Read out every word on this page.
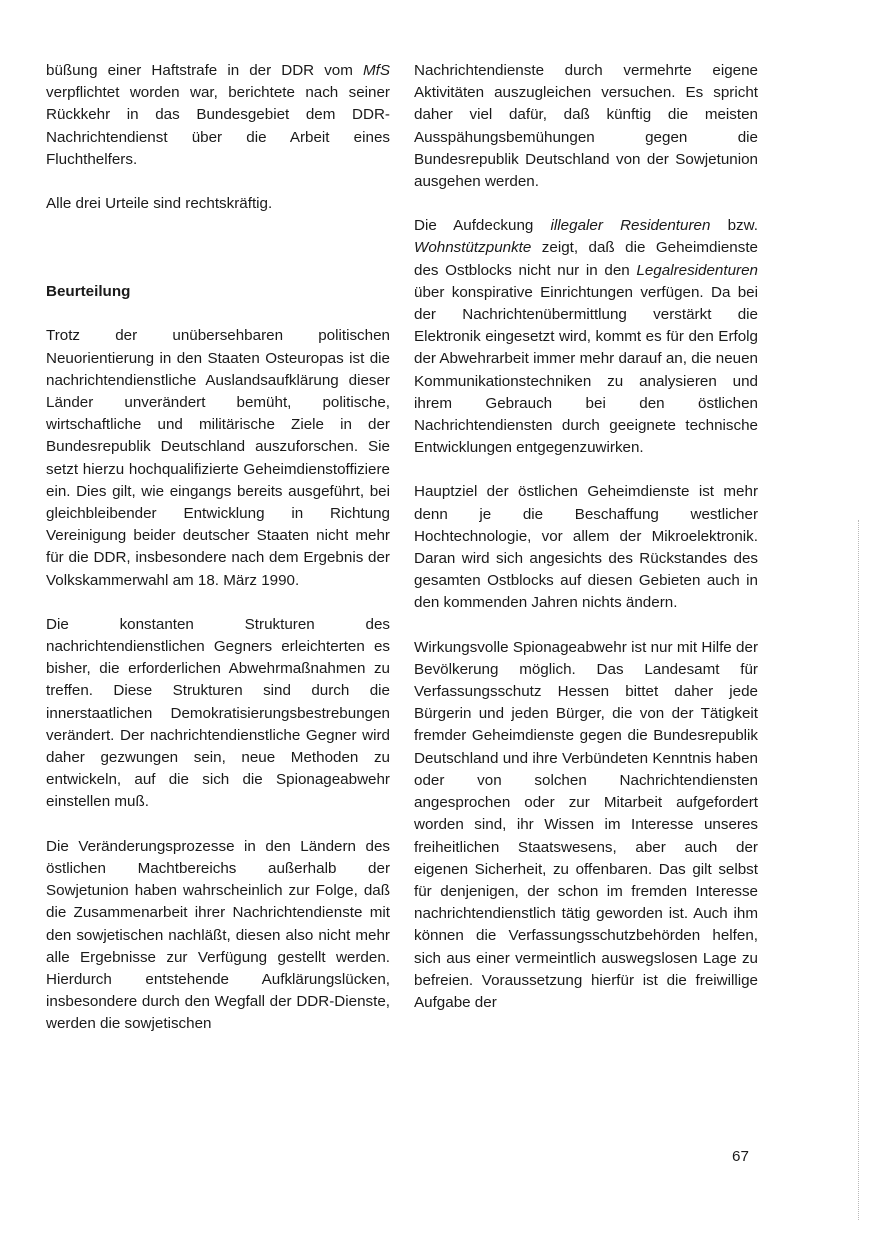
büßung einer Haftstrafe in der DDR vom MfS verpflichtet worden war, berichtete nach seiner Rückkehr in das Bundesgebiet dem DDR-Nachrichtendienst über die Arbeit eines Fluchthelfers.

Alle drei Urteile sind rechtskräftig.

Beurteilung

Trotz der unübersehbaren politischen Neuorientierung in den Staaten Osteuropas ist die nachrichtendienstliche Auslandsaufklärung dieser Länder unverändert bemüht, politische, wirtschaftliche und militärische Ziele in der Bundesrepublik Deutschland auszuforschen. Sie setzt hierzu hochqualifizierte Geheimdienstoffiziere ein. Dies gilt, wie eingangs bereits ausgeführt, bei gleichbleibender Entwicklung in Richtung Vereinigung beider deutscher Staaten nicht mehr für die DDR, insbesondere nach dem Ergebnis der Volkskammerwahl am 18. März 1990.

Die konstanten Strukturen des nachrichtendienstlichen Gegners erleichterten es bisher, die erforderlichen Abwehrmaßnahmen zu treffen. Diese Strukturen sind durch die innerstaatlichen Demokratisierungsbestrebungen verändert. Der nachrichtendienstliche Gegner wird daher gezwungen sein, neue Methoden zu entwickeln, auf die sich die Spionageabwehr einstellen muß.

Die Veränderungsprozesse in den Ländern des östlichen Machtbereichs außerhalb der Sowjetunion haben wahrscheinlich zur Folge, daß die Zusammenarbeit ihrer Nachrichtendienste mit den sowjetischen nachläßt, diesen also nicht mehr alle Ergebnisse zur Verfügung gestellt werden. Hierdurch entstehende Aufklärungslücken, insbesondere durch den Wegfall der DDR-Dienste, werden die sowjetischen

Nachrichtendienste durch vermehrte eigene Aktivitäten auszugleichen versuchen. Es spricht daher viel dafür, daß künftig die meisten Ausspähungsbemühungen gegen die Bundesrepublik Deutschland von der Sowjetunion ausgehen werden.

Die Aufdeckung illegaler Residenturen bzw. Wohnstützpunkte zeigt, daß die Geheimdienste des Ostblocks nicht nur in den Legalresidenturen über konspirative Einrichtungen verfügen. Da bei der Nachrichtenübermittlung verstärkt die Elektronik eingesetzt wird, kommt es für den Erfolg der Abwehrarbeit immer mehr darauf an, die neuen Kommunikationstechniken zu analysieren und ihrem Gebrauch bei den östlichen Nachrichtendiensten durch geeignete technische Entwicklungen entgegenzuwirken.

Hauptziel der östlichen Geheimdienste ist mehr denn je die Beschaffung westlicher Hochtechnologie, vor allem der Mikroelektronik. Daran wird sich angesichts des Rückstandes des gesamten Ostblocks auf diesen Gebieten auch in den kommenden Jahren nichts ändern.

Wirkungsvolle Spionageabwehr ist nur mit Hilfe der Bevölkerung möglich. Das Landesamt für Verfassungsschutz Hessen bittet daher jede Bürgerin und jeden Bürger, die von der Tätigkeit fremder Geheimdienste gegen die Bundesrepublik Deutschland und ihre Verbündeten Kenntnis haben oder von solchen Nachrichtendiensten angesprochen oder zur Mitarbeit aufgefordert worden sind, ihr Wissen im Interesse unseres freiheitlichen Staatswesens, aber auch der eigenen Sicherheit, zu offenbaren. Das gilt selbst für denjenigen, der schon im fremden Interesse nachrichtendienstlich tätig geworden ist. Auch ihm können die Verfassungsschutzbehörden helfen, sich aus einer vermeintlich auswegslosen Lage zu befreien. Voraussetzung hierfür ist die freiwillige Aufgabe der

67
